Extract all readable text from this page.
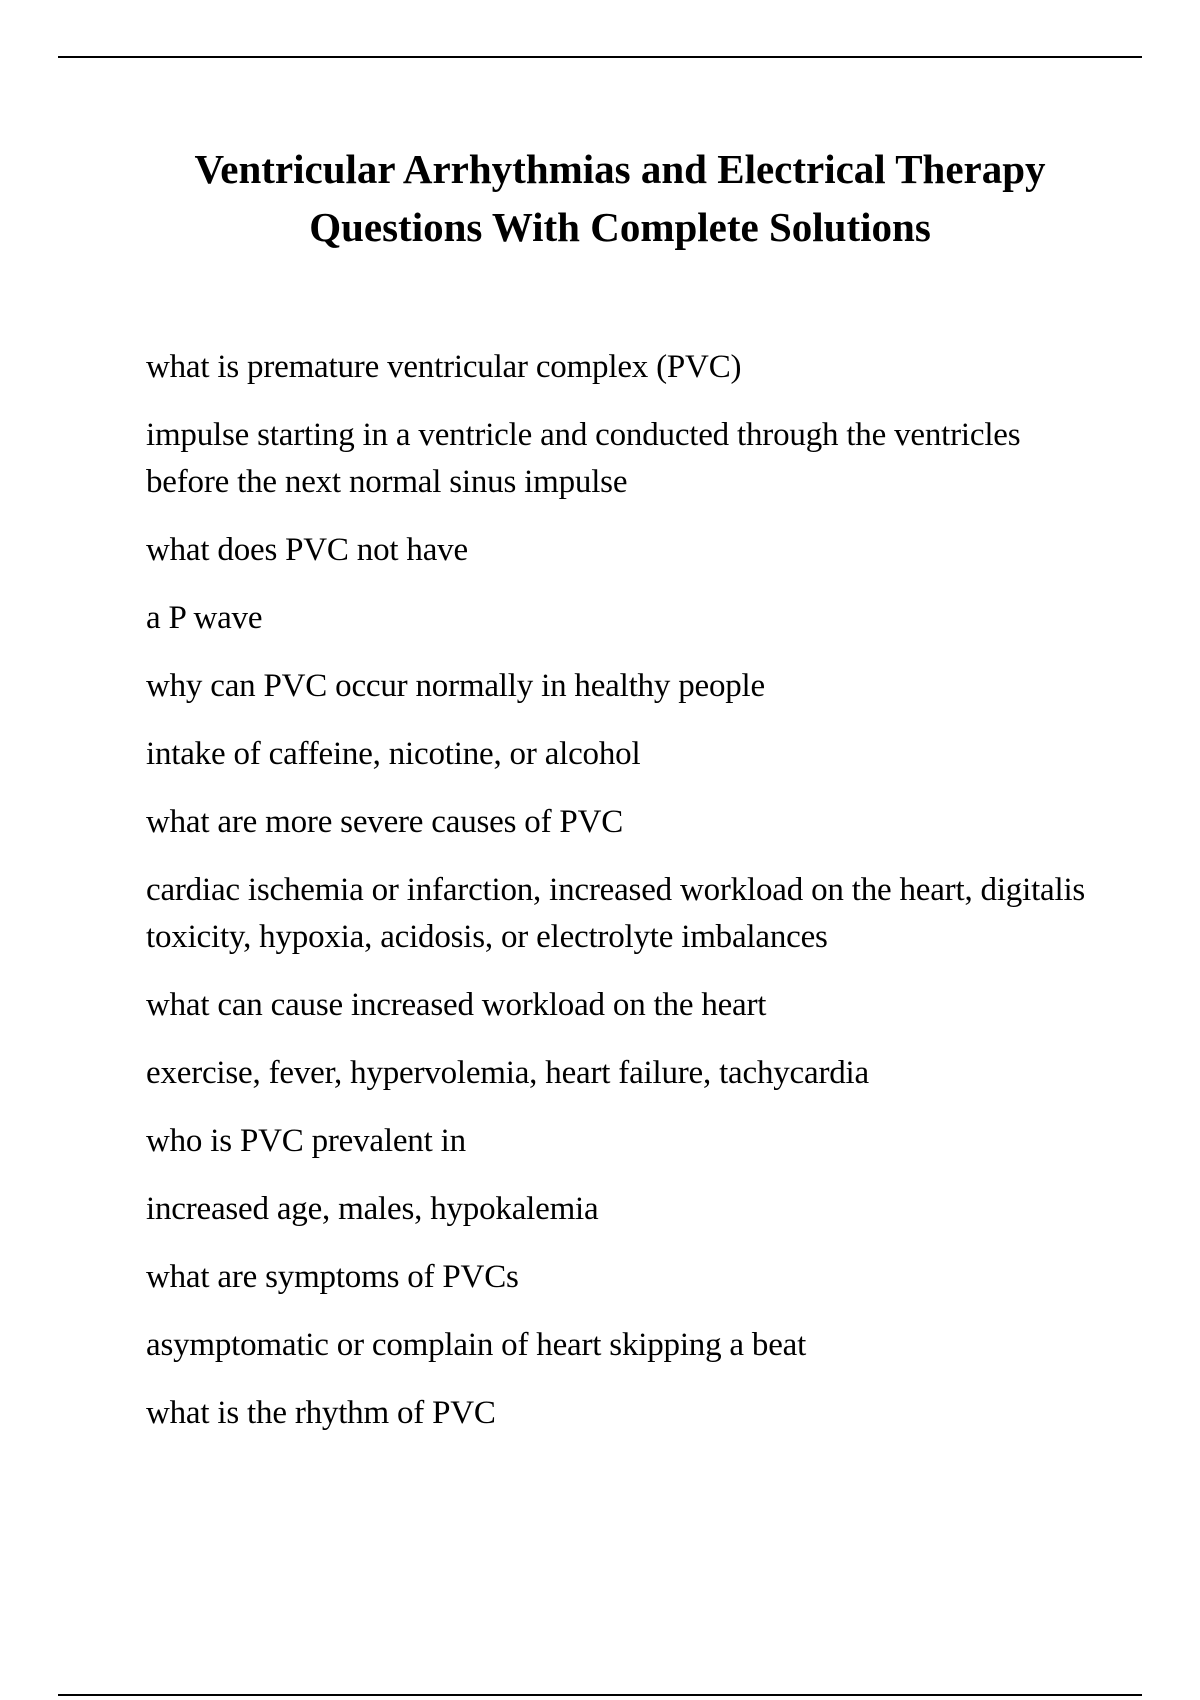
Ventricular Arrhythmias and Electrical Therapy
Questions With Complete Solutions
what is premature ventricular complex (PVC)
impulse starting in a ventricle and conducted through the ventricles before the next normal sinus impulse
what does PVC not have
a P wave
why can PVC occur normally in healthy people
intake of caffeine, nicotine, or alcohol
what are more severe causes of PVC
cardiac ischemia or infarction, increased workload on the heart, digitalis toxicity, hypoxia, acidosis, or electrolyte imbalances
what can cause increased workload on the heart
exercise, fever, hypervolemia, heart failure, tachycardia
who is PVC prevalent in
increased age, males, hypokalemia
what are symptoms of PVCs
asymptomatic or complain of heart skipping a beat
what is the rhythm of PVC
